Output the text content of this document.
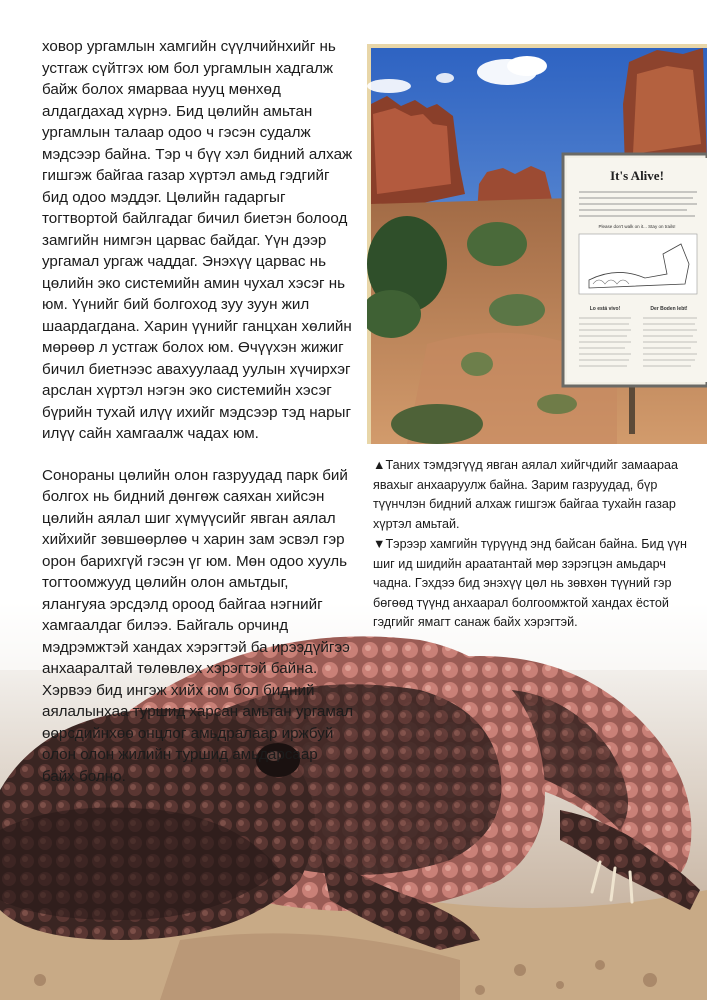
ховор ургамлын хамгийн сүүлчийнхийг нь устгаж сүйтгэх юм бол ургамлын хадгалж байж болох ямарваа нууц мөнхөд алдагдахад хүрнэ. Бид цөлийн амьтан ургамлын талаар одоо ч гэсэн судалж мэдсээр байна. Тэр ч бүү хэл бидний алхаж гишгэж байгаа газар хүртэл амьд гэдгийг бид одоо мэддэг. Цөлийн гадаргыг тогтвортой байлгадаг бичил биетэн болоод замгийн нимгэн царвас байдаг. Үүн дээр ургамал ургаж чаддаг. Энэхүү царвас нь цөлийн эко системийн амин чухал хэсэг нь юм. Үүнийг бий болгоход зуу зуун жил шаардагдана. Харин үүнийг ганцхан хөлийн мөрөөр л устгаж болох юм. Өчүүхэн жижиг бичил биетнээс авахуулаад уулын хүчирхэг арслан хүртэл нэгэн эко системийн хэсэг бүрийн тухай илүү ихийг мэдсээр тэд нарыг илүү сайн хамгаалж чадах юм.

Сонораны цөлийн олон газруудад парк бий болгох нь бидний дөнгөж саяхан хийсэн цөлийн аялал шиг хүмүүсийг явган аялал хийхийг зөвшөөрлөө ч харин зам эсвэл гэр орон барихгүй гэсэн үг юм. Мөн одоо хууль тогтоомжууд цөлийн олон амьтдыг, ялангуяа эрсдэлд ороод байгаа нэгнийг хамгаалдаг билээ. Байгаль орчинд мэдрэмжтэй хандах хэрэгтэй ба ирээдүйгээ анхааралтай төлөвлөх хэрэгтэй байна. Хэрвээ бид ингэж хийх юм бол бидний аялалынхаа туршид харсан амьтан ургамал өөрсдийнхөө онцлог амьдралаар иржбуй олон олон жилийн туршид амьдарсаар байх болно.

It's Alive!
Please don't walk on it... Stay on trails!
Lo está vivo!	Der Boden lebt!
▲Таних тэмдэгүүд явган аялал хийгчдийг замаараа явахыг анхааруулж байна. Зарим газруудад, бүр түүнчлэн бидний алхаж гишгэж байгаа тухайн газар хүртэл амьтай.
▼Тэрээр хамгийн түрүүнд энд байсан байна. Бид үүн шиг ид шидийн араатантай мөр зэрэгцэн амьдарч чадна. Гэхдээ бид энэхүү цөл нь зөвхөн түүний гэр бөгөөд түүнд анхаарал болгоомжтой хандах ёстой гэдгийг ямагт санаж байх хэрэгтэй.
